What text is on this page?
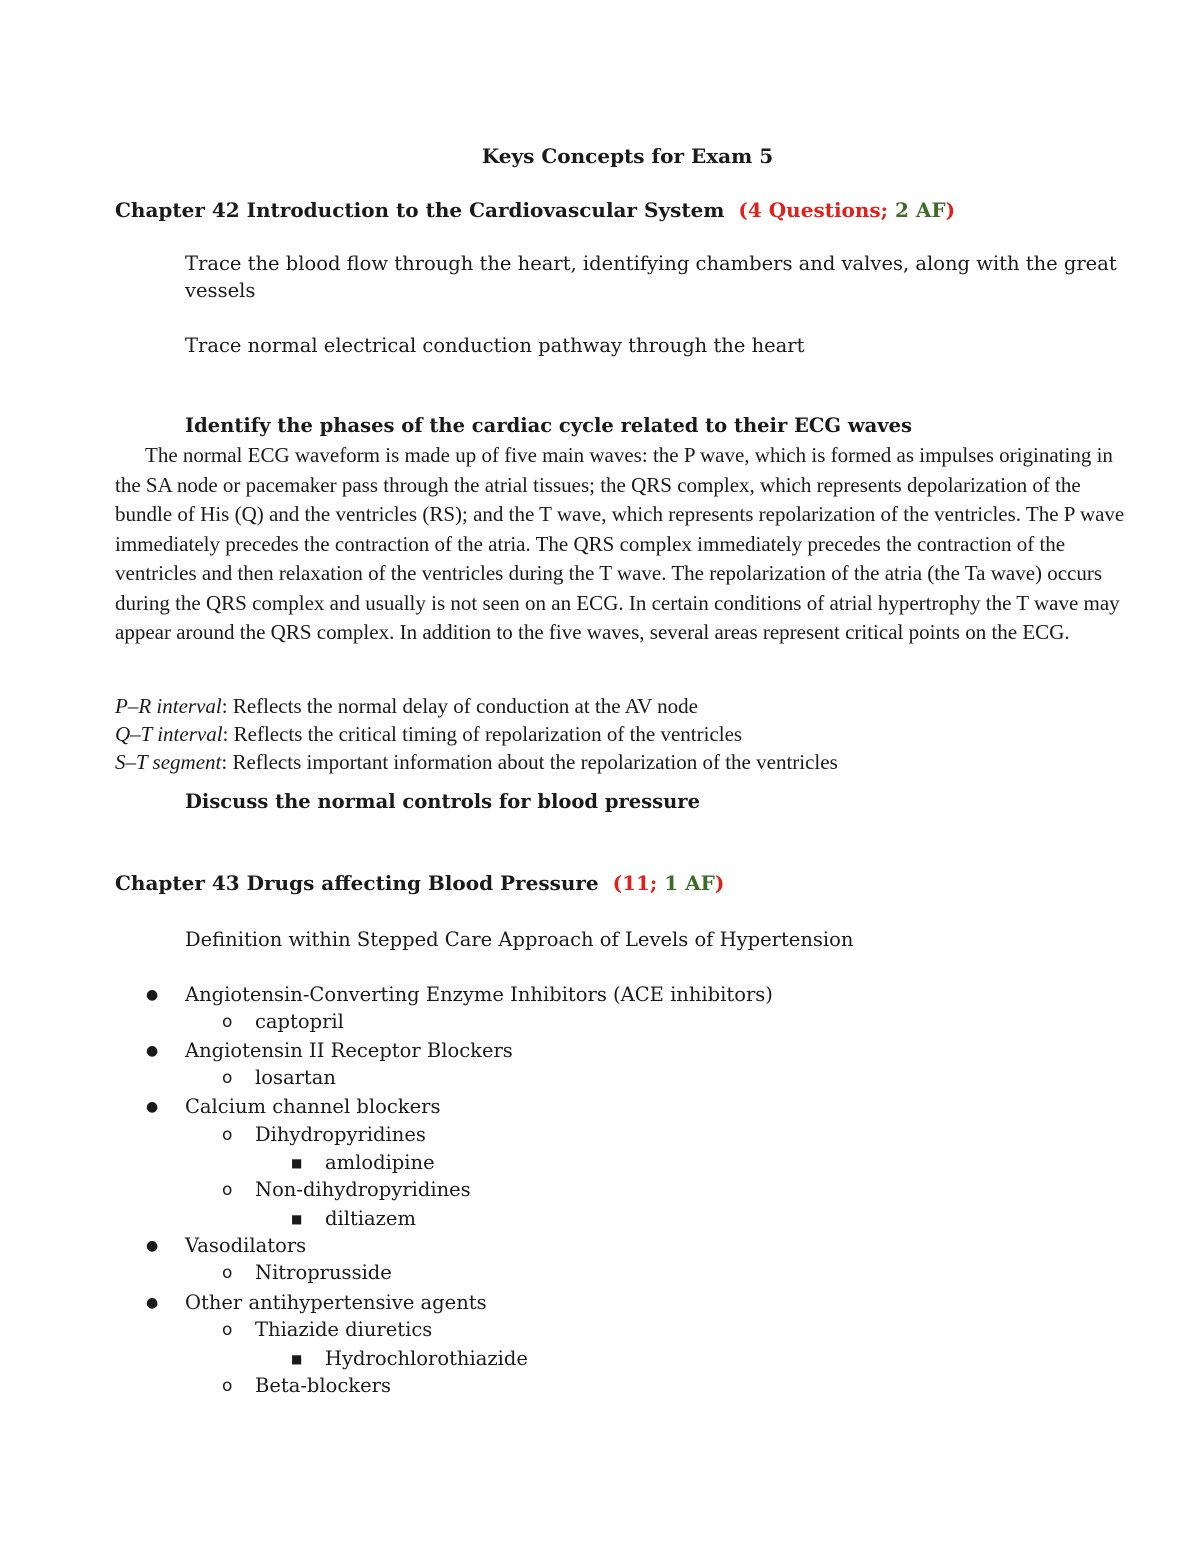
Keys Concepts for Exam 5
Chapter 42 Introduction to the Cardiovascular System (4 Questions; 2 AF)
Trace the blood flow through the heart, identifying chambers and valves, along with the great
vessels
Trace normal electrical conduction pathway through the heart
Identify the phases of the cardiac cycle related to their ECG waves
The normal ECG waveform is made up of five main waves: the P wave, which is formed as impulses originating in the SA node or pacemaker pass through the atrial tissues; the QRS complex, which represents depolarization of the bundle of His (Q) and the ventricles (RS); and the T wave, which represents repolarization of the ventricles. The P wave immediately precedes the contraction of the atria. The QRS complex immediately precedes the contraction of the ventricles and then relaxation of the ventricles during the T wave. The repolarization of the atria (the Ta wave) occurs during the QRS complex and usually is not seen on an ECG. In certain conditions of atrial hypertrophy the T wave may appear around the QRS complex. In addition to the five waves, several areas represent critical points on the ECG.
P–R interval: Reflects the normal delay of conduction at the AV node
Q–T interval: Reflects the critical timing of repolarization of the ventricles
S–T segment: Reflects important information about the repolarization of the ventricles
Discuss the normal controls for blood pressure
Chapter 43 Drugs affecting Blood Pressure (11; 1 AF)
Definition within Stepped Care Approach of Levels of Hypertension
● Angiotensin-Converting Enzyme Inhibitors (ACE inhibitors)
o captopril
● Angiotensin II Receptor Blockers
o losartan
● Calcium channel blockers
o Dihydropyridines
■ amlodipine
o Non-dihydropyridines
■ diltiazem
● Vasodilators
o Nitroprusside
● Other antihypertensive agents
o Thiazide diuretics
■ Hydrochlorothiazide
o Beta-blockers
